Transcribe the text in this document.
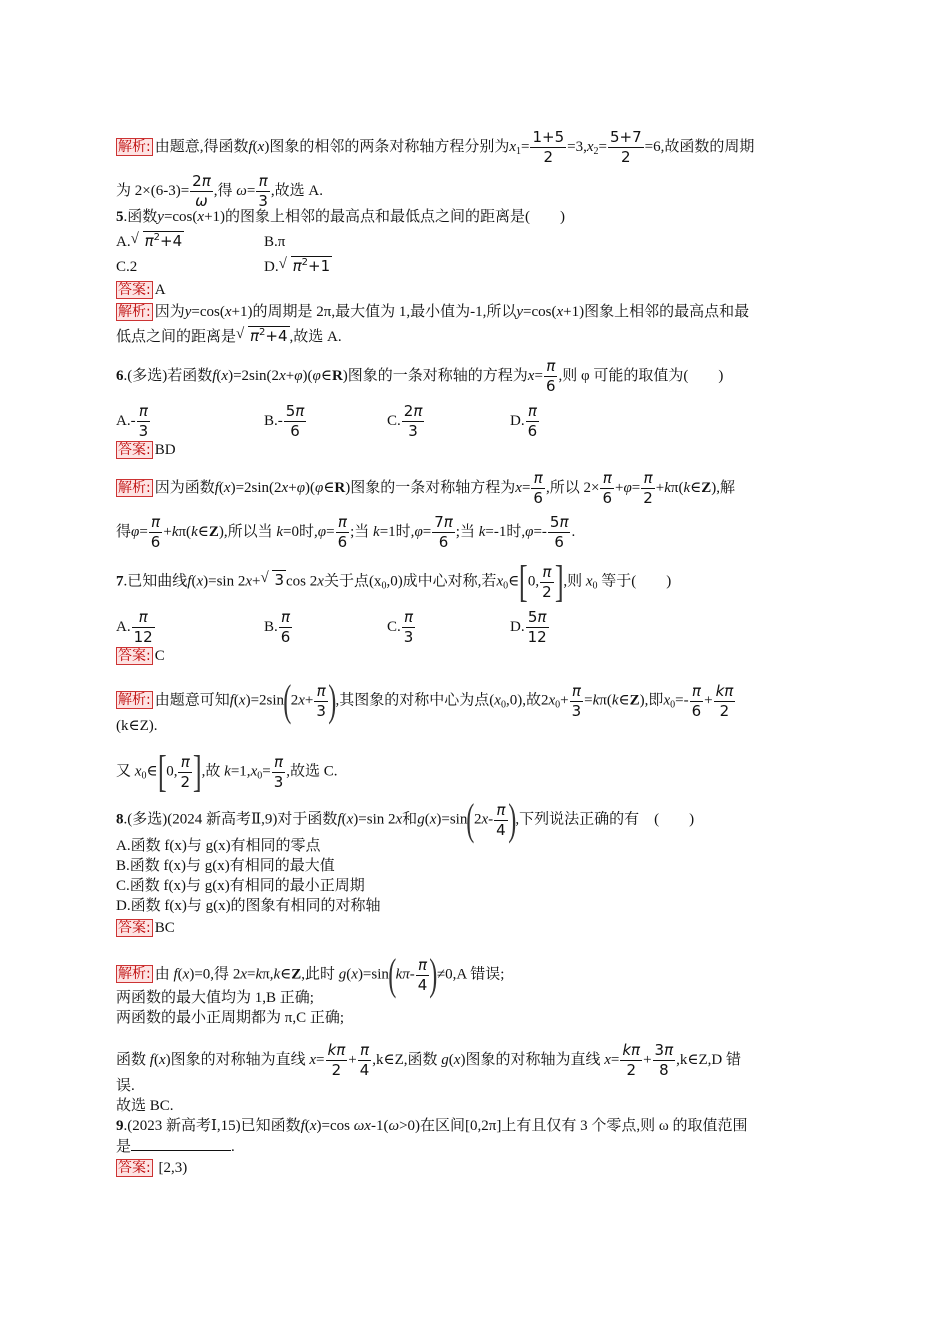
解析: 由题意,得函数f(x)图象的相邻的两条对称轴方程分别为$x_1= \frac{1+5}{2} =3,x_2= \frac{5+7}{2} =6$,故函数的周期
为 $2\times(6-3)= \frac{2\pi}{\omega}$ ,得 $\omega= \frac{\pi}{3}$ ,故选 A.
5.函数y=cos(x+1)的图象上相邻的最高点和最低点之间的距离是(　　)
A. √ $\pi^2+4$	B.π
C.2	D. √ $\pi^2+1$
答案: A
解析: 因为y=cos(x+1)的周期是 2π,最大值为 1,最小值为-1,所以y=cos(x+1)图象上相邻的最高点和最
低点之间的距离是 √ $\pi^2+4$ ,故选 A.
6.(多选)若函数f(x)=2sin(2x+φ)(φ∈R)图象的一条对称轴的方程为$x= \frac{\pi}{6}$ ,则 φ 可能的取值为(　　)
$A.- \frac{\pi}{3}$	$B.- \frac{5\pi}{6}$	C. $\frac{2\pi}{3}$	D. $\frac{\pi}{6}$
答案: BD
解析: 因为函数f(x)=2sin(2x+φ)(φ∈R)图象的一条对称轴方程为$x= \frac{\pi}{6}$ ,所以 $2\times \frac{\pi}{6} +\varphi= \frac{\pi}{2}$ +kπ(k∈Z),解
得$\varphi= \frac{\pi}{6}$ +kπ(k∈Z),所以当 k=0时$,\varphi= \frac{\pi}{6}$ ;当 k=1时$,\varphi= \frac{7\pi}{6}$ ;当 k=-1时$,\varphi=- \frac{5\pi}{6}$ .
7.已知曲线f(x)=sin 2x+ √ 3 cos 2x关于点$(x_0,0)$成中心对称,若$x_0\in[0$, $\frac{\pi}{2}$ ],则 $x_0$ 等于(　　)
A. $\frac{\pi}{12}$	B. $\frac{\pi}{6}$	C. $\frac{\pi}{3}$	D. $\frac{5\pi}{12}$
答案: C
解析: 由题意可知$f(x)=2\sin(2x+ \frac{\pi}{3}$ ),其图象的对称中心为点$(x_0,0)$,故$2x_0+ \frac{\pi}{3}$ =kπ(k∈Z),即$x_0=- \frac{\pi}{6} + \frac{k\pi}{2}$
(k∈Z).
又 $x_0\in[0$, $\frac{\pi}{2}$ ],故 $k=1,x_0= \frac{\pi}{3}$ ,故选 C.
8.(多选)(2024 新高考Ⅱ,9)对于函数f(x)=sin 2x和$g(x)=\sin(2x- \frac{\pi}{4}$ ),下列说法正确的有　(　　)
A.函数 f(x)与 g(x)有相同的零点
B.函数 f(x)与 g(x)有相同的最大值
C.函数 f(x)与 g(x)有相同的最小正周期
D.函数 f(x)与 g(x)的图象有相同的对称轴
答案: BC
解析: 由 f(x)=0,得 2x=kπ,k∈Z,此时 $g(x)=\sin(k\pi- \frac{\pi}{4} )\ne 0,A$ 错误;
两函数的最大值均为 1,B 正确;
两函数的最小正周期都为 π,C 正确;
函数 f(x)图象的对称轴为直线 $x= \frac{k\pi}{2} + \frac{\pi}{4}$ ,k∈Z,函数 g(x)图象的对称轴为直线 $x= \frac{k\pi}{2} + \frac{3\pi}{8}$ ,k∈Z,D 错
误.
故选 BC.
9.(2023 新高考Ⅰ,15)已知函数f(x)=cos ωx-1(ω>0)在区间[0,2π]上有且仅有 3 个零点,则 ω 的取值范围
是	.
答案: [2,3)
